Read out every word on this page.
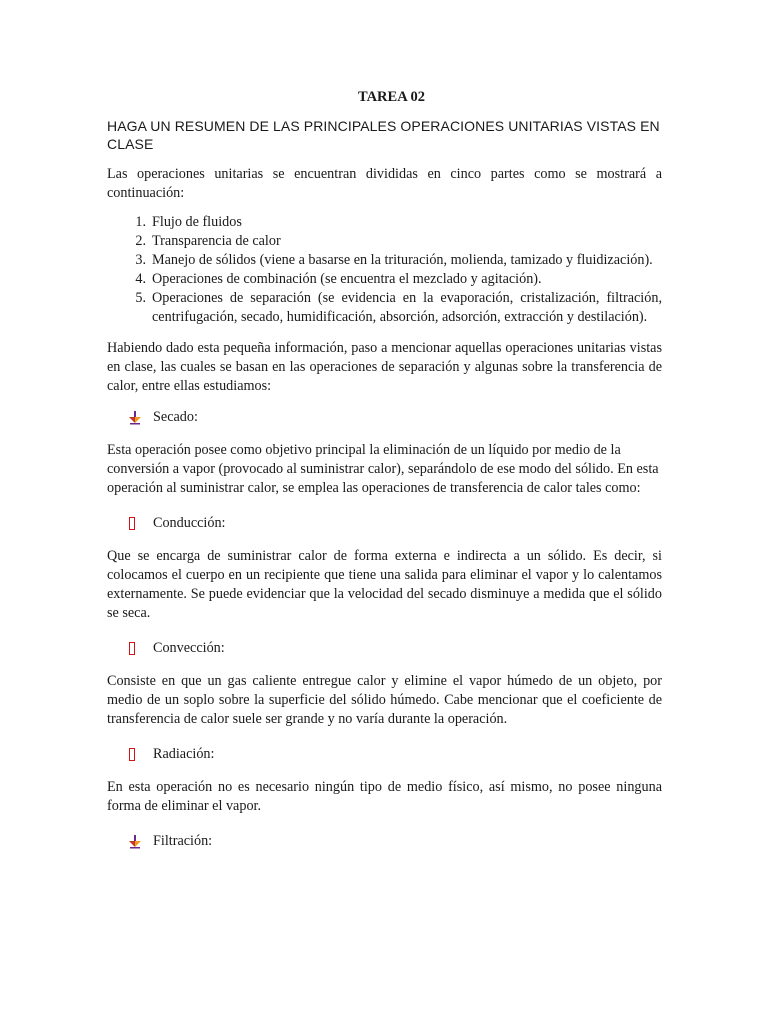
TAREA 02
HAGA UN RESUMEN DE LAS PRINCIPALES OPERACIONES UNITARIAS VISTAS EN CLASE

Las operaciones unitarias se encuentran divididas en cinco partes como se mostrará a continuación:

1. Flujo de fluidos
2. Transparencia de calor
3. Manejo de sólidos (viene a basarse en la trituración, molienda, tamizado y fluidización).
4. Operaciones de combinación (se encuentra el mezclado y agitación).
5. Operaciones de separación (se evidencia en la evaporación, cristalización, filtración, centrifugación, secado, humidificación, absorción, adsorción, extracción y destilación).

Habiendo dado esta pequeña información, paso a mencionar aquellas operaciones unitarias vistas en clase, las cuales se basan en las operaciones de separación y algunas sobre la transferencia de calor, entre ellas estudiamos:

Secado:

Esta operación posee como objetivo principal la eliminación de un líquido por medio de la conversión a vapor (provocado al suministrar calor), separándolo de ese modo del sólido. En esta operación al suministrar calor, se emplea las operaciones de transferencia de calor tales como:

Conducción:

Que se encarga de suministrar calor de forma externa e indirecta a un sólido. Es decir, si colocamos el cuerpo en un recipiente que tiene una salida para eliminar el vapor y lo calentamos externamente. Se puede evidenciar que la velocidad del secado disminuye a medida que el sólido se seca.

Convección:

Consiste en que un gas caliente entregue calor y elimine el vapor húmedo de un objeto, por medio de un soplo sobre la superficie del sólido húmedo. Cabe mencionar que el coeficiente de transferencia de calor suele ser grande y no varía durante la operación.

Radiación:

En esta operación no es necesario ningún tipo de medio físico, así mismo, no posee ninguna forma de eliminar el vapor.

Filtración:
